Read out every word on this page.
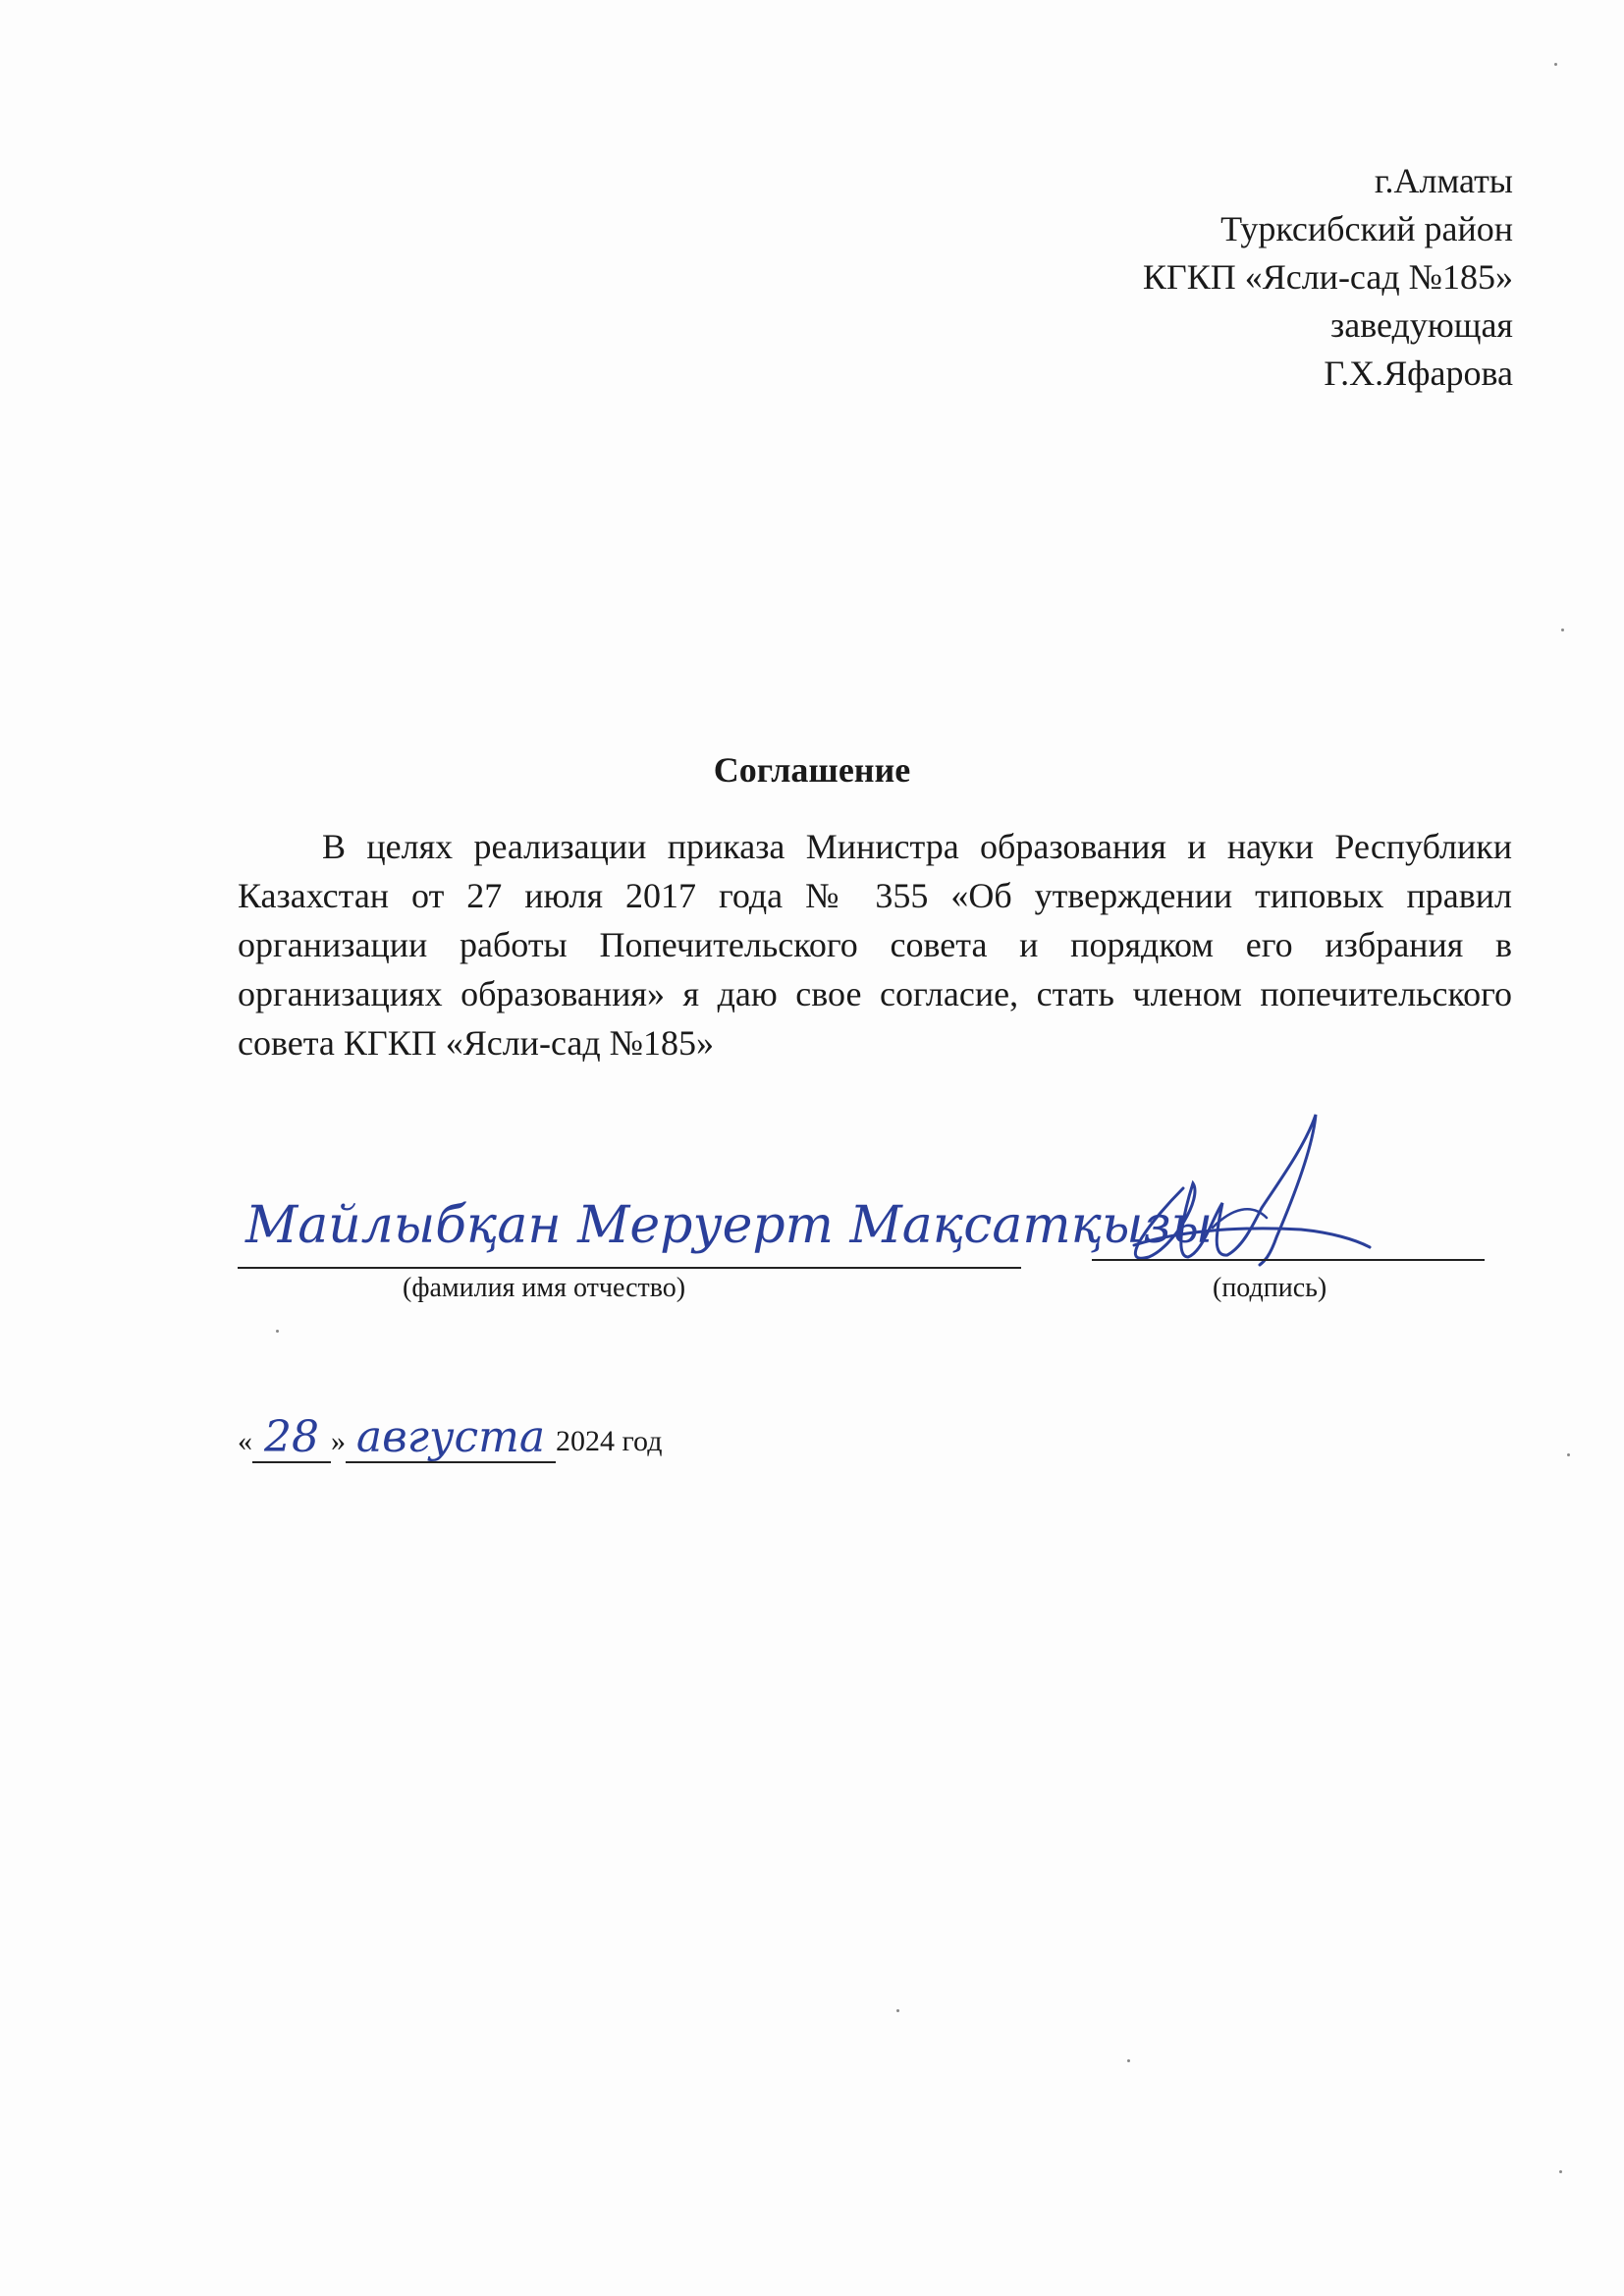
г.Алматы
Турксибский район
КГКП «Ясли-сад №185»
заведующая
Г.Х.Яфарова
Соглашение
В целях реализации приказа Министра образования и науки Республики Казахстан от 27 июля 2017 года № 355 «Об утверждении типовых правил организации работы Попечительского совета и порядком его избрания в организациях образования» я даю свое согласие, стать членом попечительского совета КГКП «Ясли-сад №185»
Майлыбқан Меруерт Мақсатқызы
(фамилия имя отчество)	(подпись)
« 28 » августа 2024 год
